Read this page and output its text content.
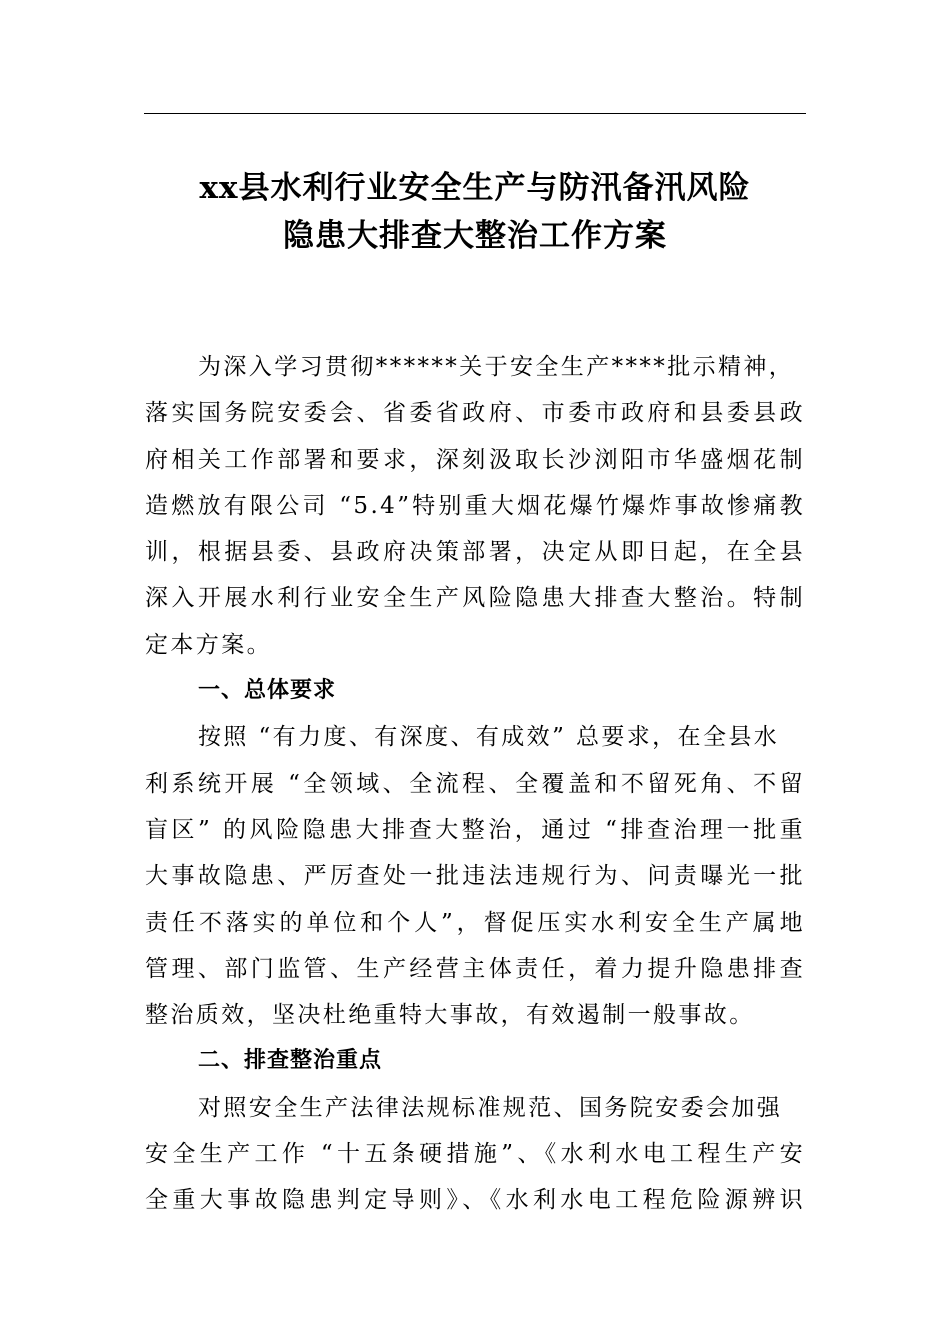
xx县水利行业安全生产与防汛备汛风险
隐患大排查大整治工作方案
为深入学习贯彻******关于安全生产****批示精神，
落实国务院安委会、省委省政府、市委市政府和县委县政
府相关工作部署和要求，深刻汲取长沙浏阳市华盛烟花制
造燃放有限公司 “5.4”特别重大烟花爆竹爆炸事故惨痛教
训，根据县委、县政府决策部署，决定从即日起，在全县
深入开展水利行业安全生产风险隐患大排查大整治。特制
定本方案。
一、总体要求
按照 “有力度、有深度、有成效” 总要求，在全县水
利系统开展 “全领域、全流程、全覆盖和不留死角、不留
盲区” 的风险隐患大排查大整治，通过 “排查治理一批重
大事故隐患、严厉查处一批违法违规行为、问责曝光一批
责任不落实的单位和个人”，督促压实水利安全生产属地
管理、部门监管、生产经营主体责任，着力提升隐患排查
整治质效，坚决杜绝重特大事故，有效遏制一般事故。
二、排查整治重点
对照安全生产法律法规标准规范、国务院安委会加强
安全生产工作 “十五条硬措施”、《水利水电工程生产安
全重大事故隐患判定导则》、《水利水电工程危险源辨识
